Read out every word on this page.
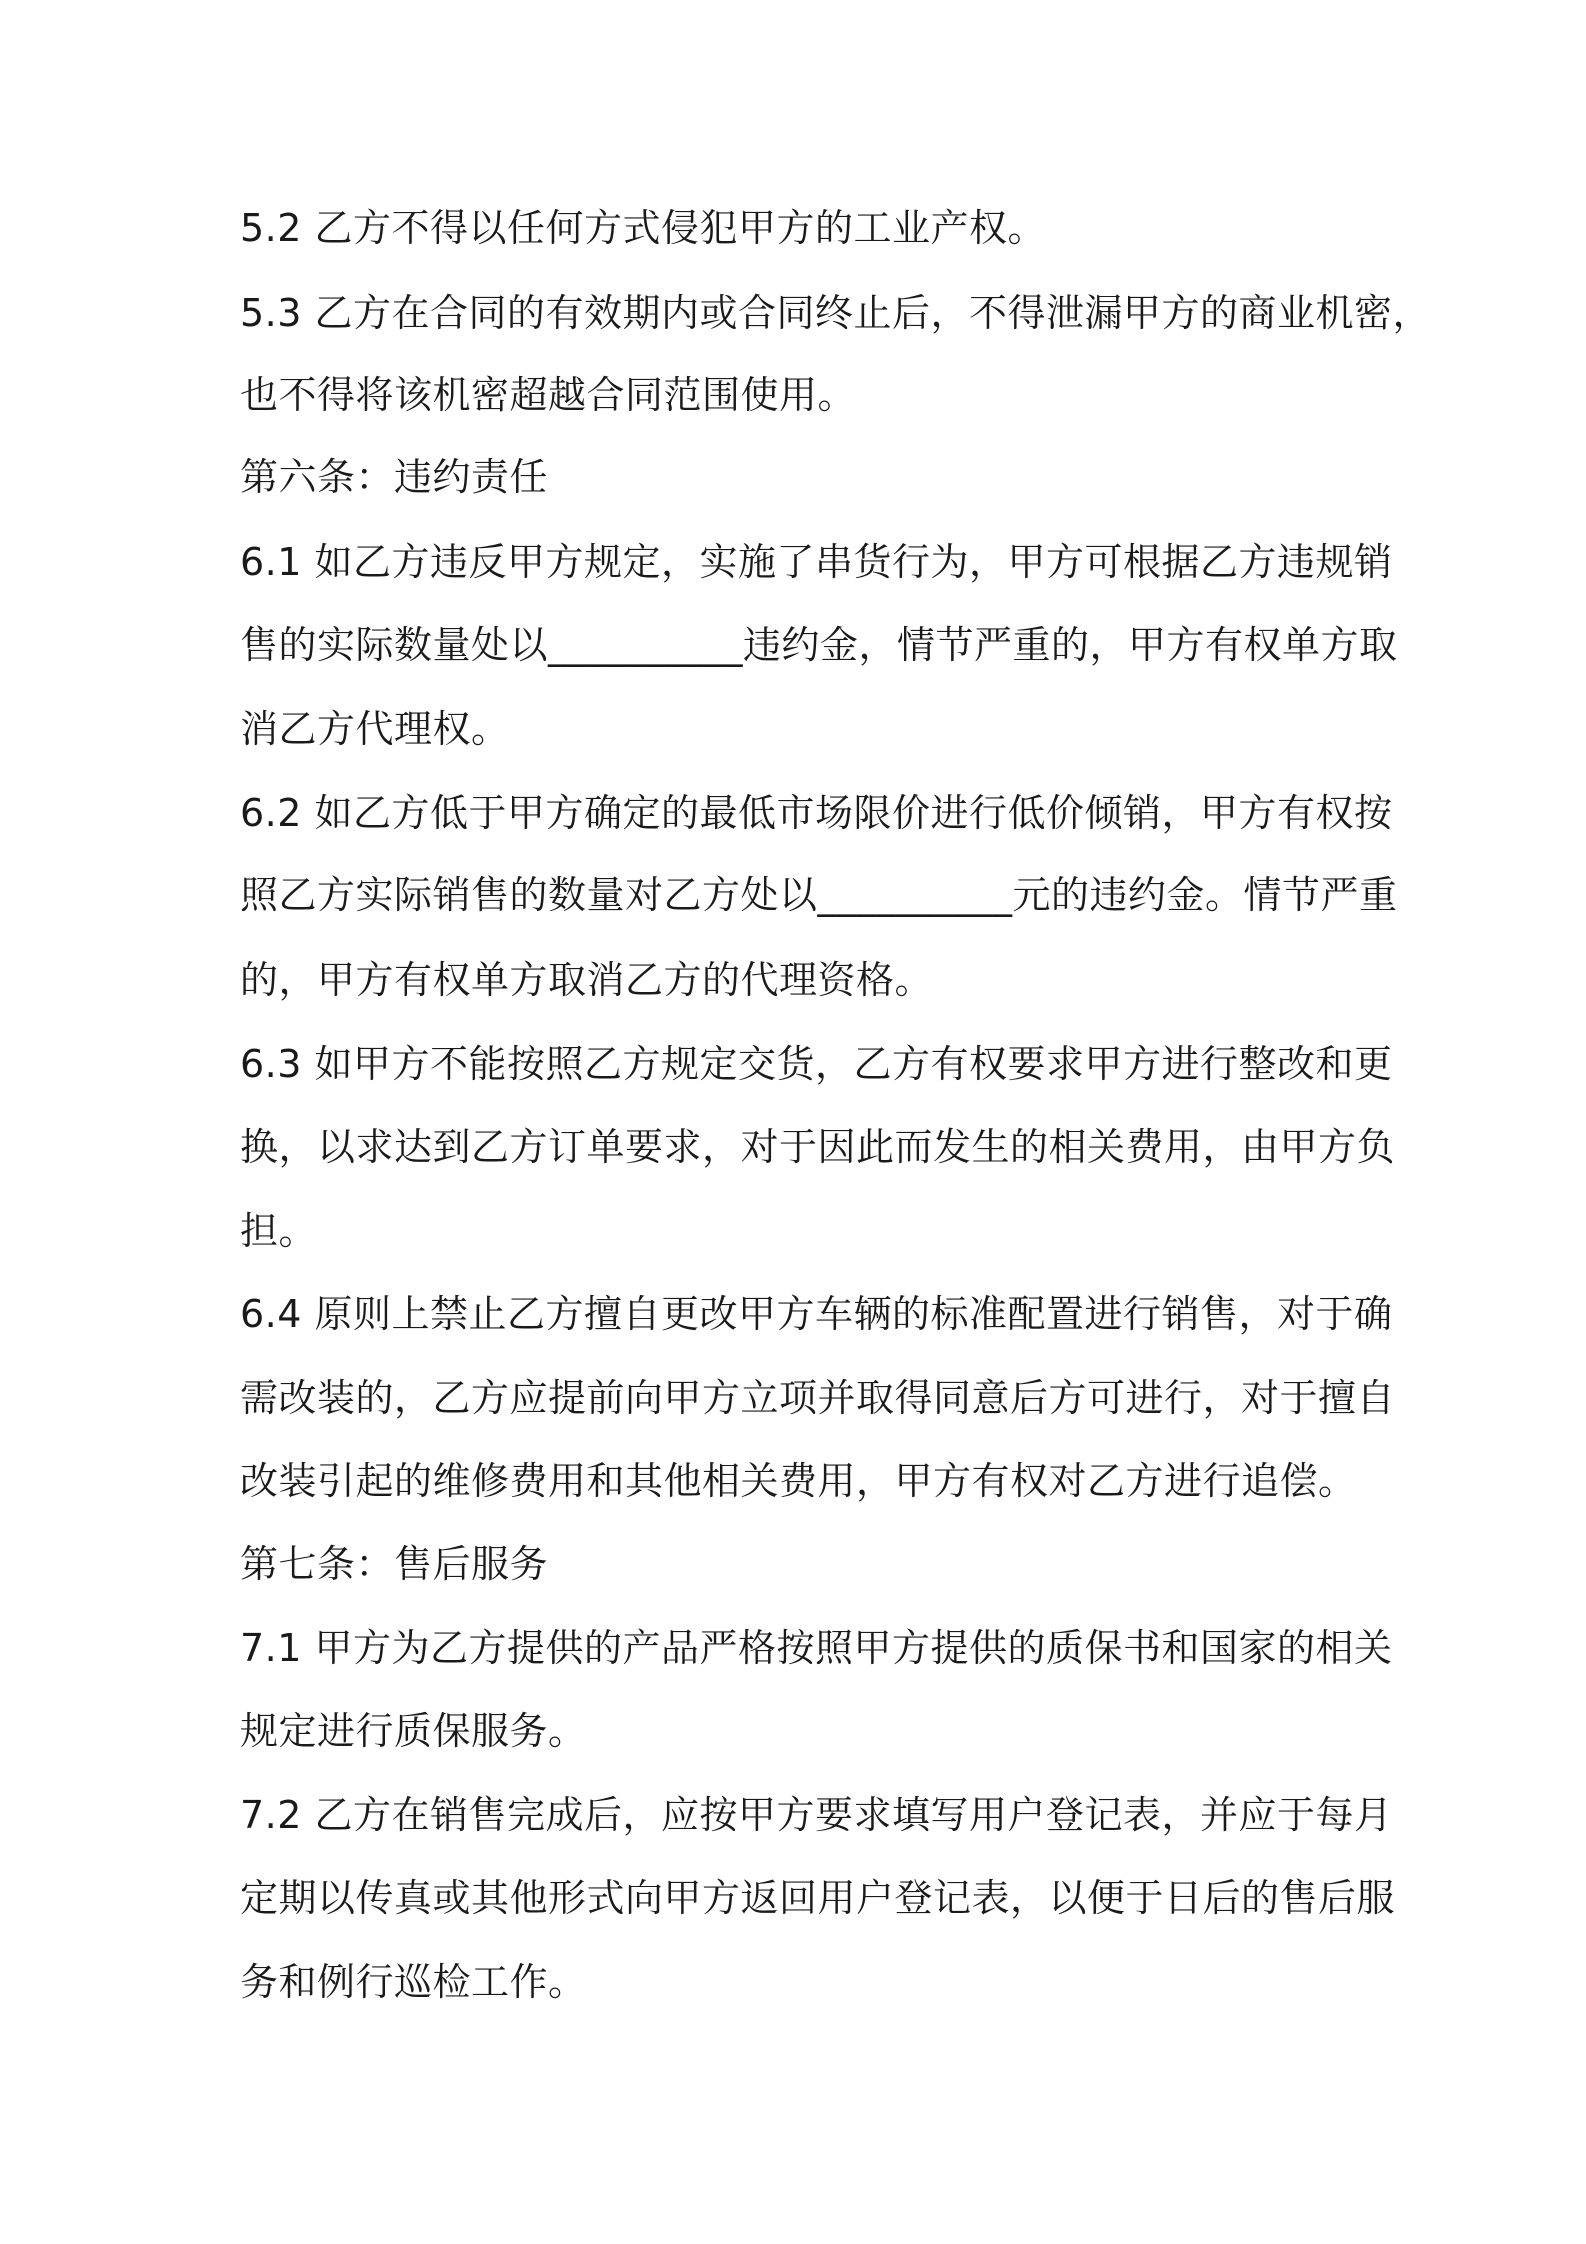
5.2 乙方不得以任何方式侵犯甲方的工业产权。
5.3 乙方在合同的有效期内或合同终止后，不得泄漏甲方的商业机密，
也不得将该机密超越合同范围使用。
第六条：违约责任
6.1 如乙方违反甲方规定，实施了串货行为，甲方可根据乙方违规销
售的实际数量处以__________违约金，情节严重的，甲方有权单方取
消乙方代理权。
6.2 如乙方低于甲方确定的最低市场限价进行低价倾销，甲方有权按
照乙方实际销售的数量对乙方处以__________元的违约金。情节严重
的，甲方有权单方取消乙方的代理资格。
6.3 如甲方不能按照乙方规定交货，乙方有权要求甲方进行整改和更
换，以求达到乙方订单要求，对于因此而发生的相关费用，由甲方负
担。
6.4 原则上禁止乙方擅自更改甲方车辆的标准配置进行销售，对于确
需改装的，乙方应提前向甲方立项并取得同意后方可进行，对于擅自
改装引起的维修费用和其他相关费用，甲方有权对乙方进行追偿。
第七条：售后服务
7.1 甲方为乙方提供的产品严格按照甲方提供的质保书和国家的相关
规定进行质保服务。
7.2 乙方在销售完成后，应按甲方要求填写用户登记表，并应于每月
定期以传真或其他形式向甲方返回用户登记表，以便于日后的售后服
务和例行巡检工作。
